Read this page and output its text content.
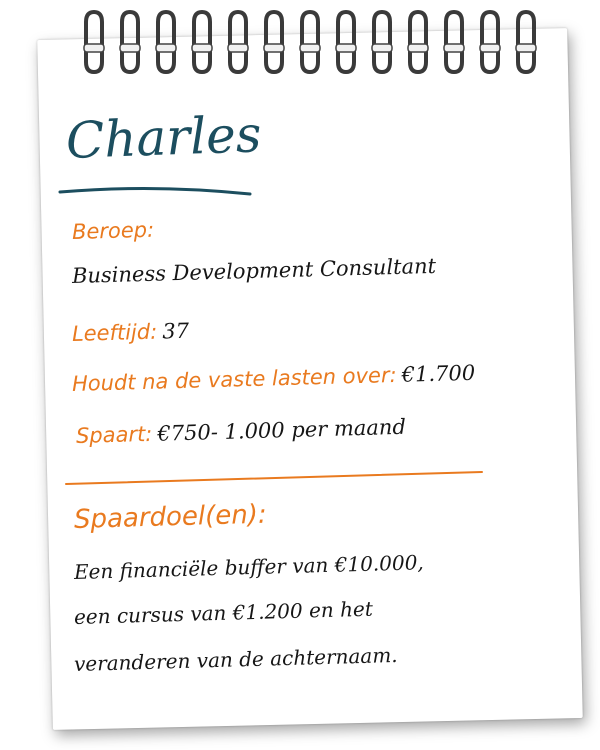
Charles
Beroep:
Business Development Consultant
Leeftijd: 37
Houdt na de vaste lasten over: €1.700
Spaart: €750- 1.000 per maand
Spaardoel(en):
Een financiële buffer van €10.000,
een cursus van €1.200 en het
veranderen van de achternaam.
